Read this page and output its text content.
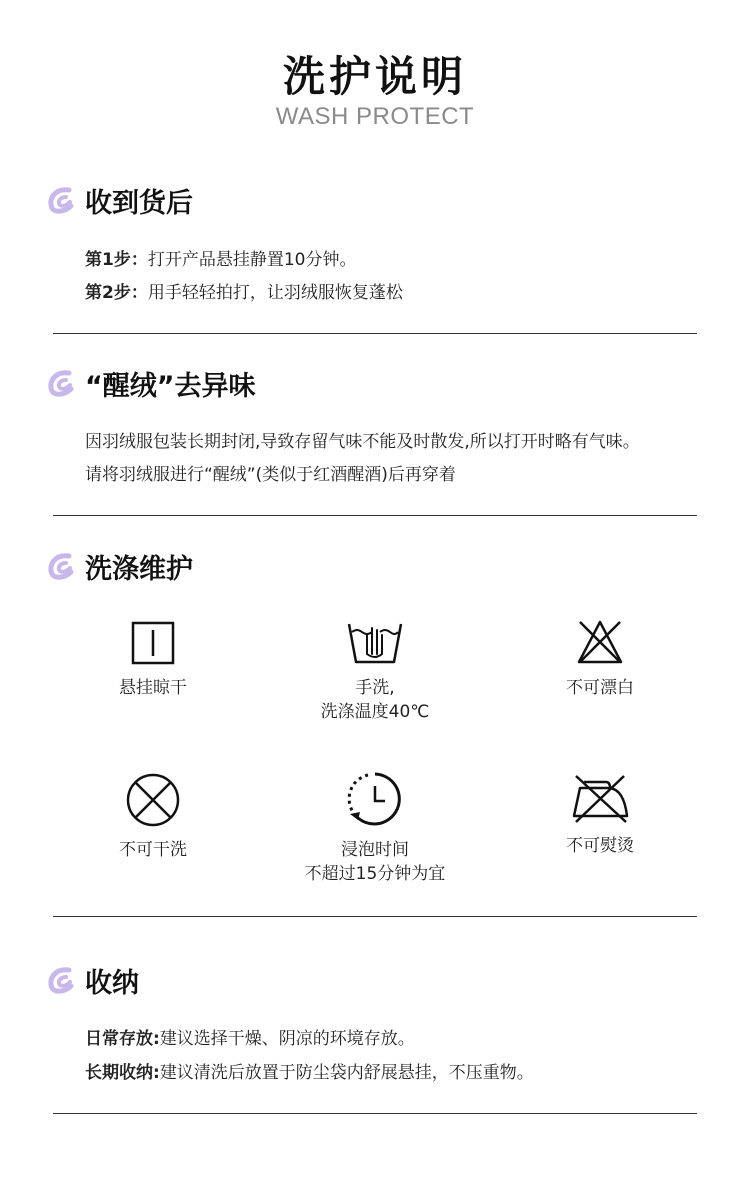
洗护说明
WASH PROTECT
收到货后
第1步：打开产品悬挂静置10分钟。
第2步：用手轻轻拍打，让羽绒服恢复蓬松
“醒绒”去异味
因羽绒服包装长期封闭,导致存留气味不能及时散发,所以打开时略有气味。
请将羽绒服进行“醒绒”(类似于红酒醒酒)后再穿着
洗涤维护
悬挂晾干	手洗,
洗涤温度40℃
不可漂白
不可干洗	浸泡时间
不超过15分钟为宜
不可熨烫
收纳
日常存放:建议选择干燥、阴凉的环境存放。
长期收纳:建议清洗后放置于防尘袋内舒展悬挂，不压重物。
